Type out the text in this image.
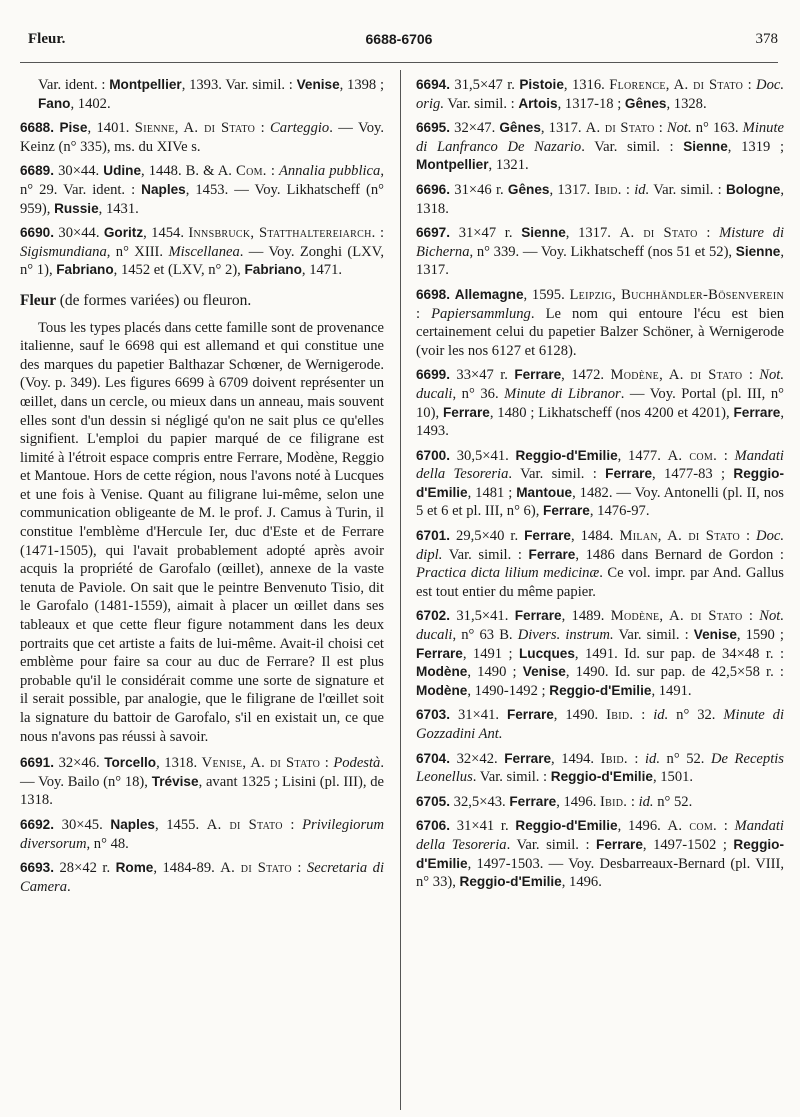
Fleur.	6688-6706	378

Var. ident. : Montpellier, 1393. Var. simil. : Venise, 1398 ; Fano, 1402.

6688. Pise, 1401. Sienne, A. di Stato : Carteggio. — Voy. Keinz (n° 335), ms. du XIVe s.

6689. 30×44. Udine, 1448. B. & A. Com. : Annalia pubblica, n° 29. Var. ident. : Naples, 1453. — Voy. Likhatscheff (n° 959), Russie, 1431.

6690. 30×44. Goritz, 1454. Innsbruck, Statthaltereiarch. : Sigismundiana, n° XIII. Miscellanea. — Voy. Zonghi (LXV, n° 1), Fabriano, 1452 et (LXV, n° 2), Fabriano, 1471.

Fleur (de formes variées) ou fleuron.

Tous les types placés dans cette famille sont de provenance italienne, sauf le 6698 qui est allemand et qui constitue une des marques du papetier Balthazar Schœner, de Wernigerode. (Voy. p. 349). Les figures 6699 à 6709 doivent représenter un œillet, dans un cercle, ou mieux dans un anneau, mais souvent elles sont d'un dessin si négligé qu'on ne sait plus ce qu'elles signifient. L'emploi du papier marqué de ce filigrane est limité à l'étroit espace compris entre Ferrare, Modène, Reggio et Mantoue. Hors de cette région, nous l'avons noté à Lucques et une fois à Venise. Quant au filigrane lui-même, selon une communication obligeante de M. le prof. J. Camus à Turin, il constitue l'emblème d'Hercule Ier, duc d'Este et de Ferrare (1471-1505), qui l'avait probablement adopté après avoir acquis la propriété de Garofalo (œillet), annexe de la vaste tenuta de Paviole. On sait que le peintre Benvenuto Tisio, dit le Garofalo (1481-1559), aimait à placer un œillet dans ses tableaux et que cette fleur figure notamment dans les deux portraits que cet artiste a faits de lui-même. Avait-il choisi cet emblème pour faire sa cour au duc de Ferrare? Il est plus probable qu'il le considérait comme une sorte de signature et il serait possible, par analogie, que le filigrane de l'œillet soit la signature du battoir de Garofalo, s'il en existait un, ce que nous n'avons pas réussi à savoir.

6691. 32×46. Torcello, 1318. Venise, A. di Stato : Podestà. — Voy. Bailo (n° 18), Trévise, avant 1325 ; Lisini (pl. III), de 1318.

6692. 30×45. Naples, 1455. A. di Stato : Privilegiorum diversorum, n° 48.

6693. 28×42 r. Rome, 1484-89. A. di Stato : Secretaria di Camera.

6694. 31,5×47 r. Pistoie, 1316. Florence, A. di Stato : Doc. orig. Var. simil. : Artois, 1317-18 ; Gênes, 1328.

6695. 32×47. Gênes, 1317. A. di Stato : Not. n° 163. Minute di Lanfranco De Nazario. Var. simil. : Sienne, 1319 ; Montpellier, 1321.

6696. 31×46 r. Gênes, 1317. Ibid. : id. Var. simil. : Bologne, 1318.

6697. 31×47 r. Sienne, 1317. A. di Stato : Misture di Bicherna, n° 339. — Voy. Likhatscheff (nos 51 et 52), Sienne, 1317.

6698. Allemagne, 1595. Leipzig, Buchhändler-Bösenverein : Papiersammlung. Le nom qui entoure l'écu est bien certainement celui du papetier Balzer Schöner, à Wernigerode (voir les nos 6127 et 6128).

6699. 33×47 r. Ferrare, 1472. Modène, A. di Stato : Not. ducali, n° 36. Minute di Libranor. — Voy. Portal (pl. III, n° 10), Ferrare, 1480 ; Likhatscheff (nos 4200 et 4201), Ferrare, 1493.

6700. 30,5×41. Reggio-d'Emilie, 1477. A. com. : Mandati della Tesoreria. Var. simil. : Ferrare, 1477-83 ; Reggio-d'Emilie, 1481 ; Mantoue, 1482. — Voy. Antonelli (pl. II, nos 5 et 6 et pl. III, n° 6), Ferrare, 1476-97.

6701. 29,5×40 r. Ferrare, 1484. Milan, A. di Stato : Doc. dipl. Var. simil. : Ferrare, 1486 dans Bernard de Gordon : Practica dicta lilium medicinæ. Ce vol. impr. par And. Gallus est tout entier du même papier.

6702. 31,5×41. Ferrare, 1489. Modène, A. di Stato : Not. ducali, n° 63 B. Divers. instrum. Var. simil. : Venise, 1590 ; Ferrare, 1491 ; Lucques, 1491. Id. sur pap. de 34×48 r. : Modène, 1490 ; Venise, 1490. Id. sur pap. de 42,5×58 r. : Modène, 1490-1492 ; Reggio-d'Emilie, 1491.

6703. 31×41. Ferrare, 1490. Ibid. : id. n° 32. Minute di Gozzadini Ant.

6704. 32×42. Ferrare, 1494. Ibid. : id. n° 52. De Receptis Leonellus. Var. simil. : Reggio-d'Emilie, 1501.

6705. 32,5×43. Ferrare, 1496. Ibid. : id. n° 52.

6706. 31×41 r. Reggio-d'Emilie, 1496. A. com. : Mandati della Tesoreria. Var. simil. : Ferrare, 1497-1502 ; Reggio-d'Emilie, 1497-1503. — Voy. Desbarreaux-Bernard (pl. VIII, n° 33), Reggio-d'Emilie, 1496.
